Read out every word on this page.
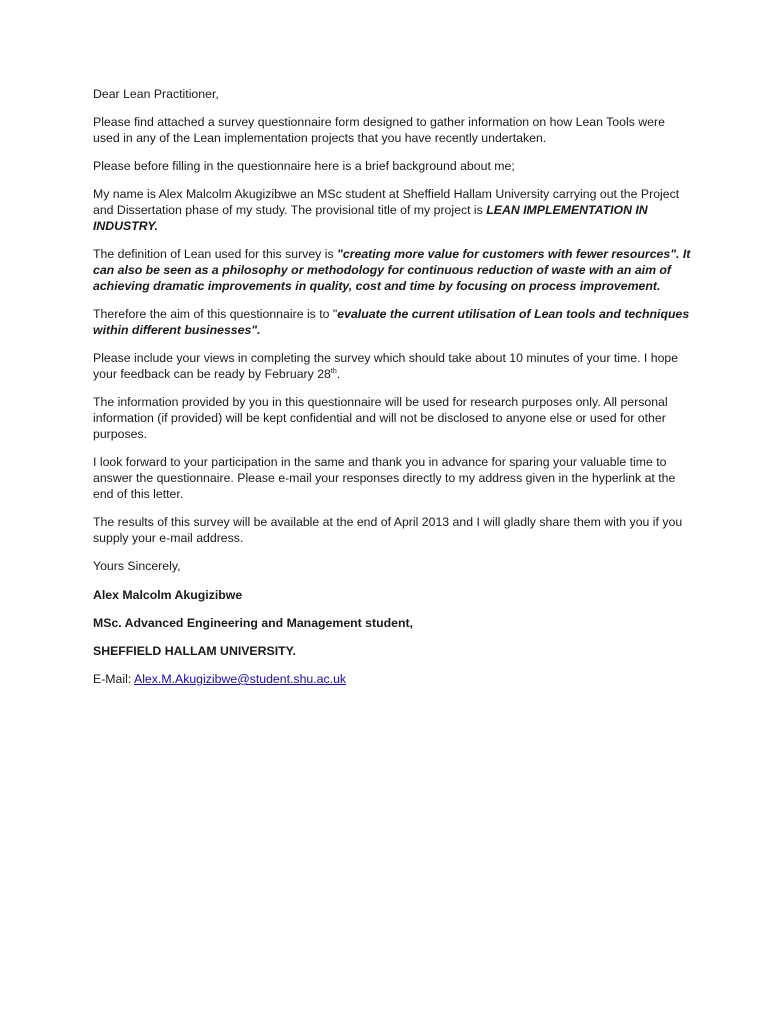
Dear Lean Practitioner,

Please find attached a survey questionnaire form designed to gather information on how Lean Tools were used in any of the Lean implementation projects that you have recently undertaken.

Please before filling in the questionnaire here is a brief background about me;

My name is Alex Malcolm Akugizibwe an MSc student at Sheffield Hallam University carrying out the Project and Dissertation phase of my study. The provisional title of my project is LEAN IMPLEMENTATION IN INDUSTRY.

The definition of Lean used for this survey is "creating more value for customers with fewer resources". It can also be seen as a philosophy or methodology for continuous reduction of waste with an aim of achieving dramatic improvements in quality, cost and time by focusing on process improvement.

Therefore the aim of this questionnaire is to "evaluate the current utilisation of Lean tools and techniques within different businesses".

Please include your views in completing the survey which should take about 10 minutes of your time. I hope your feedback can be ready by February 28th.

The information provided by you in this questionnaire will be used for research purposes only. All personal information (if provided) will be kept confidential and will not be disclosed to anyone else or used for other purposes.

I look forward to your participation in the same and thank you in advance for sparing your valuable time to answer the questionnaire. Please e-mail your responses directly to my address given in the hyperlink at the end of this letter.

The results of this survey will be available at the end of April 2013 and I will gladly share them with you if you supply your e-mail address.

Yours Sincerely,

Alex Malcolm Akugizibwe

MSc. Advanced Engineering and Management student,

SHEFFIELD HALLAM UNIVERSITY.

E-Mail: Alex.M.Akugizibwe@student.shu.ac.uk
